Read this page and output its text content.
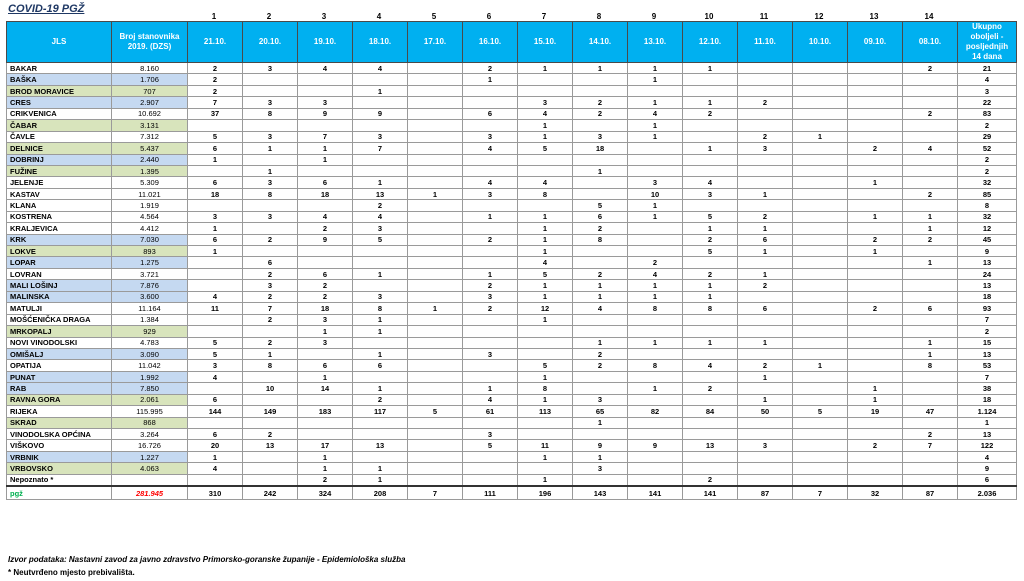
COVID-19 PGŽ
1	2	3	4	5	6	7	8	9	10	11	12	13	14
JLS	Broj stanovnika 2019. (DZS)	21.10.	20.10.	19.10.	18.10.	17.10.	16.10.	15.10.	14.10.	13.10.	12.10.	11.10.	10.10.	09.10.	08.10.	Ukupno oboljeli - posljednjih 14 dana
BAKAR	8.160	2	3	4	4		2	1	1	1	1				2	21
BAŠKA	1.706	2					1			1						4
BROD MORAVICE	707	2			1											3
CRES	2.907	7	3	3				3	2	1	1	2				22
CRIKVENICA	10.692	37	8	9	9		6	4	2	4	2				2	83
ČABAR	3.131							1		1						2
ČAVLE	7.312	5	3	7	3		3	1	3	1		2	1			29
DELNICE	5.437	6	1	1	7		4	5	18		1	3		2	4	52
DOBRINJ	2.440	1		1												2
FUŽINE	1.395		1						1							2
JELENJE	5.309	6	3	6	1		4	4		3	4			1		32
KASTAV	11.021	18	8	18	13	1	3	8		10	3	1			2	85
KLANA	1.919				2				5	1						8
KOSTRENA	4.564	3	3	4	4		1	1	6	1	5	2		1	1	32
KRALJEVICA	4.412	1		2	3			1	2		1	1			1	12
KRK	7.030	6	2	9	5		2	1	8		2	6		2	2	45
LOKVE	893	1						1			5	1		1		9
LOPAR	1.275		6					4		2					1	13
LOVRAN	3.721		2	6	1		1	5	2	4	2	1				24
MALI LOŠINJ	7.876		3	2			2	1	1	1	1	2				13
MALINSKA	3.600	4	2	2	3		3	1	1	1	1					18
MATULJI	11.164	11	7	18	8	1	2	12	4	8	8	6		2	6	93
MOŠĆENIČKA DRAGA	1.384		2	3	1			1								7
MRKOPALJ	929			1	1											2
NOVI VINODOLSKI	4.783	5	2	3					1	1	1	1			1	15
OMIŠALJ	3.090	5	1		1		3		2						1	13
OPATIJA	11.042	3	8	6	6			5	2	8	4	2	1		8	53
PUNAT	1.992	4		1				1				1				7
RAB	7.850		10	14	1		1	8		1	2			1		38
RAVNA GORA	2.061	6			2		4	1	3			1		1		18
RIJEKA	115.995	144	149	183	117	5	61	113	65	82	84	50	5	19	47	1.124
SKRAD	868								1							1
VINODOLSKA OPĆINA	3.264	6	2				3								2	13
VIŠKOVO	16.726	20	13	17	13		5	11	9	9	13	3		2	7	122
VRBNIK	1.227	1		1				1	1							4
VRBOVSKO	4.063	4		1	1				3							9
Nepoznato *				2	1			1			2					6
pgž	281.945	310	242	324	208	7	111	196	143	141	141	87	7	32	87	2.036
Izvor podataka: Nastavni zavod za javno zdravstvo Primorsko-goranske županije - Epidemiološka služba
* Neutvrđeno mjesto prebivališta.
